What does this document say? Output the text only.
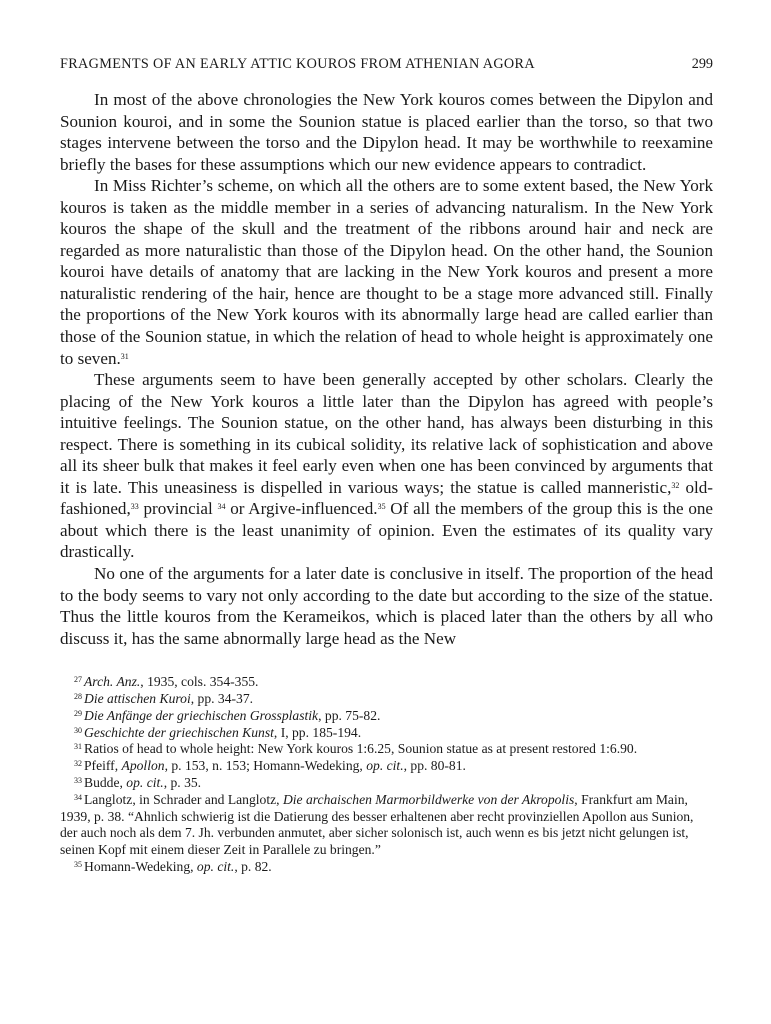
FRAGMENTS OF AN EARLY ATTIC KOUROS FROM ATHENIAN AGORA	299

In most of the above chronologies the New York kouros comes between the Dipylon and Sounion kouroi, and in some the Sounion statue is placed earlier than the torso, so that two stages intervene between the torso and the Dipylon head. It may be worthwhile to reexamine briefly the bases for these assumptions which our new evidence appears to contradict.

In Miss Richter’s scheme, on which all the others are to some extent based, the New York kouros is taken as the middle member in a series of advancing naturalism. In the New York kouros the shape of the skull and the treatment of the ribbons around hair and neck are regarded as more naturalistic than those of the Dipylon head. On the other hand, the Sounion kouroi have details of anatomy that are lacking in the New York kouros and present a more naturalistic rendering of the hair, hence are thought to be a stage more advanced still. Finally the proportions of the New York kouros with its abnormally large head are called earlier than those of the Sounion statue, in which the relation of head to whole height is approximately one to seven.$^{31}$

These arguments seem to have been generally accepted by other scholars. Clearly the placing of the New York kouros a little later than the Dipylon has agreed with people’s intuitive feelings. The Sounion statue, on the other hand, has always been disturbing in this respect. There is something in its cubical solidity, its relative lack of sophistication and above all its sheer bulk that makes it feel early even when one has been convinced by arguments that it is late. This uneasiness is dispelled in various ways; the statue is called manneristic,$^{32}$ old-fashioned,$^{33}$ provincial $^{34}$ or Argive-influenced.$^{35}$ Of all the members of the group this is the one about which there is the least unanimity of opinion. Even the estimates of its quality vary drastically.

No one of the arguments for a later date is conclusive in itself. The proportion of the head to the body seems to vary not only according to the date but according to the size of the statue. Thus the little kouros from the Kerameikos, which is placed later than the others by all who discuss it, has the same abnormally large head as the New

$^{27}$ Arch. Anz., 1935, cols. 354-355.

$^{28}$ Die attischen Kuroi, pp. 34-37.

$^{29}$ Die Anfänge der griechischen Grossplastik, pp. 75-82.

$^{30}$ Geschichte der griechischen Kunst, I, pp. 185-194.

$^{31}$ Ratios of head to whole height: New York kouros 1:6.25, Sounion statue as at present restored 1:6.90.

$^{32}$ Pfeiff, Apollon, p. 153, n. 153; Homann-Wedeking, op. cit., pp. 80-81.

$^{33}$ Budde, op. cit., p. 35.

$^{34}$ Langlotz, in Schrader and Langlotz, Die archaischen Marmorbildwerke von der Akropolis, Frankfurt am Main, 1939, p. 38. “Ahnlich schwierig ist die Datierung des besser erhaltenen aber recht provinziellen Apollon aus Sunion, der auch noch als dem 7. Jh. verbunden anmutet, aber sicher solonisch ist, auch wenn es bis jetzt nicht gelungen ist, seinen Kopf mit einem dieser Zeit in Parallele zu bringen.”

$^{35}$ Homann-Wedeking, op. cit., p. 82.
